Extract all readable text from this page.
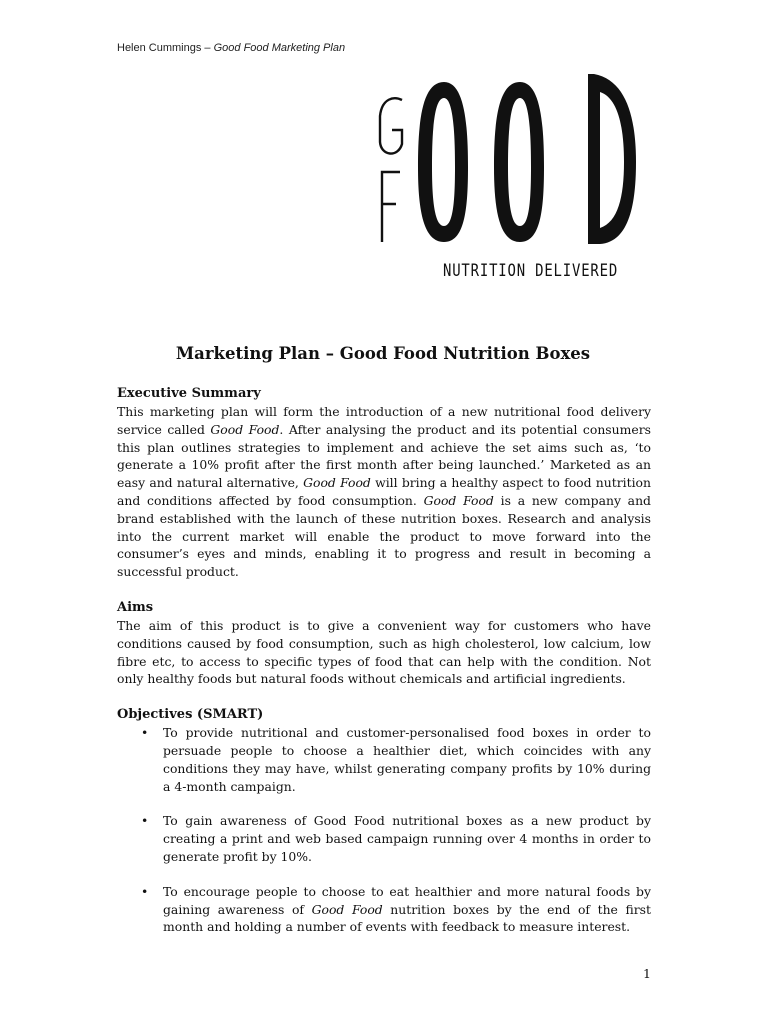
Helen Cummings – Good Food Marketing Plan
NUTRITION DELIVERED
Marketing Plan – Good Food Nutrition Boxes
Executive Summary

This marketing plan will form the introduction of a new nutritional food delivery service called Good Food. After analysing the product and its potential consumers this plan outlines strategies to implement and achieve the set aims such as, ‘to generate a 10% profit after the first month after being launched.’ Marketed as an easy and natural alternative, Good Food will bring a healthy aspect to food nutrition and conditions affected by food consumption. Good Food is a new company and brand established with the launch of these nutrition boxes. Research and analysis into the current market will enable the product to move forward into the consumer’s eyes and minds, enabling it to progress and result in becoming a successful product.

Aims

The aim of this product is to give a convenient way for customers who have conditions caused by food consumption, such as high cholesterol, low calcium, low fibre etc, to access to specific types of food that can help with the condition. Not only healthy foods but natural foods without chemicals and artificial ingredients.

Objectives (SMART)
• To provide nutritional and customer-personalised food boxes in order to persuade people to choose a healthier diet, which coincides with any conditions they may have, whilst generating company profits by 10% during a 4-month campaign.
• To gain awareness of Good Food nutritional boxes as a new product by creating a print and web based campaign running over 4 months in order to generate profit by 10%.
• To encourage people to choose to eat healthier and more natural foods by gaining awareness of Good Food nutrition boxes by the end of the first month and holding a number of events with feedback to measure interest.
1
